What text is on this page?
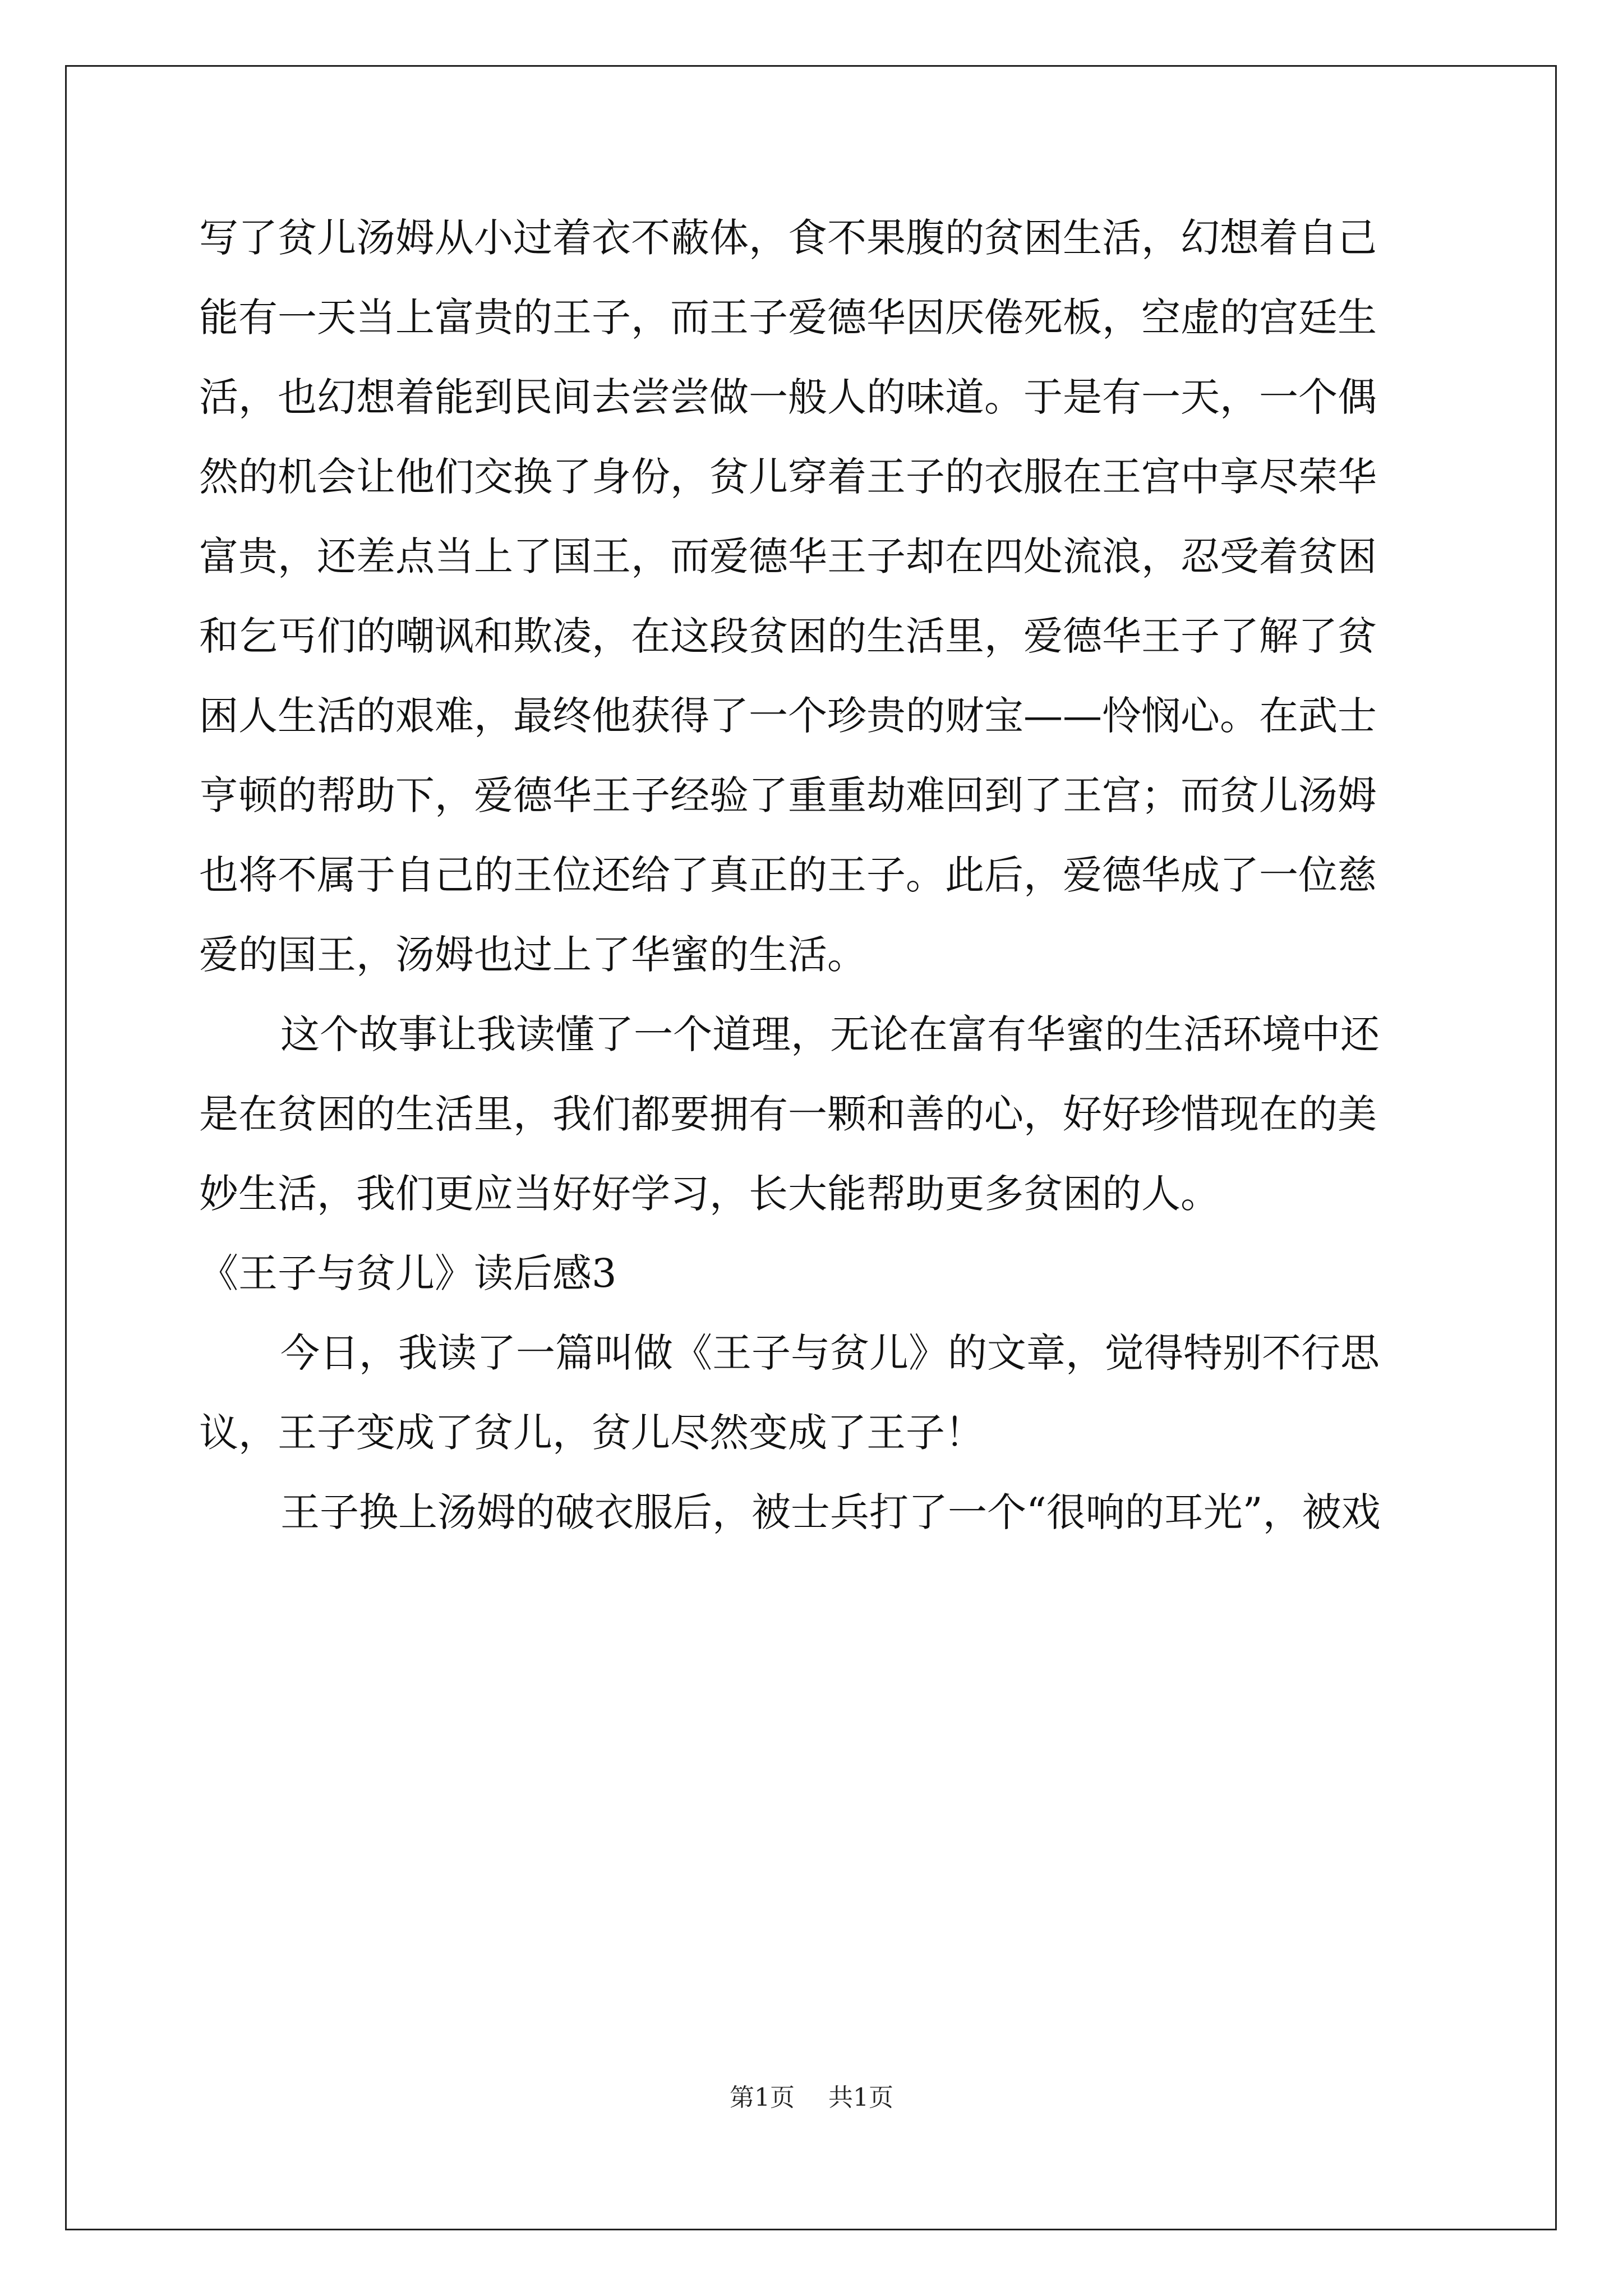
写了贫儿汤姆从小过着衣不蔽体，食不果腹的贫困生活，幻想着自己
能有一天当上富贵的王子，而王子爱德华因厌倦死板，空虚的宫廷生
活，也幻想着能到民间去尝尝做一般人的味道。于是有一天，一个偶
然的机会让他们交换了身份，贫儿穿着王子的衣服在王宫中享尽荣华
富贵，还差点当上了国王，而爱德华王子却在四处流浪，忍受着贫困
和乞丐们的嘲讽和欺凌，在这段贫困的生活里，爱德华王子了解了贫
困人生活的艰难，最终他获得了一个珍贵的财宝——怜悯心。在武士
亨顿的帮助下，爱德华王子经验了重重劫难回到了王宫；而贫儿汤姆
也将不属于自己的王位还给了真正的王子。此后，爱德华成了一位慈
爱的国王，汤姆也过上了华蜜的生活。
这个故事让我读懂了一个道理，无论在富有华蜜的生活环境中还
是在贫困的生活里，我们都要拥有一颗和善的心，好好珍惜现在的美
妙生活，我们更应当好好学习，长大能帮助更多贫困的人。
《王子与贫儿》读后感3
今日，我读了一篇叫做《王子与贫儿》的文章，觉得特别不行思
议，王子变成了贫儿，贫儿尽然变成了王子！
王子换上汤姆的破衣服后，被士兵打了一个“很响的耳光”，被戏
第1页 共1页
